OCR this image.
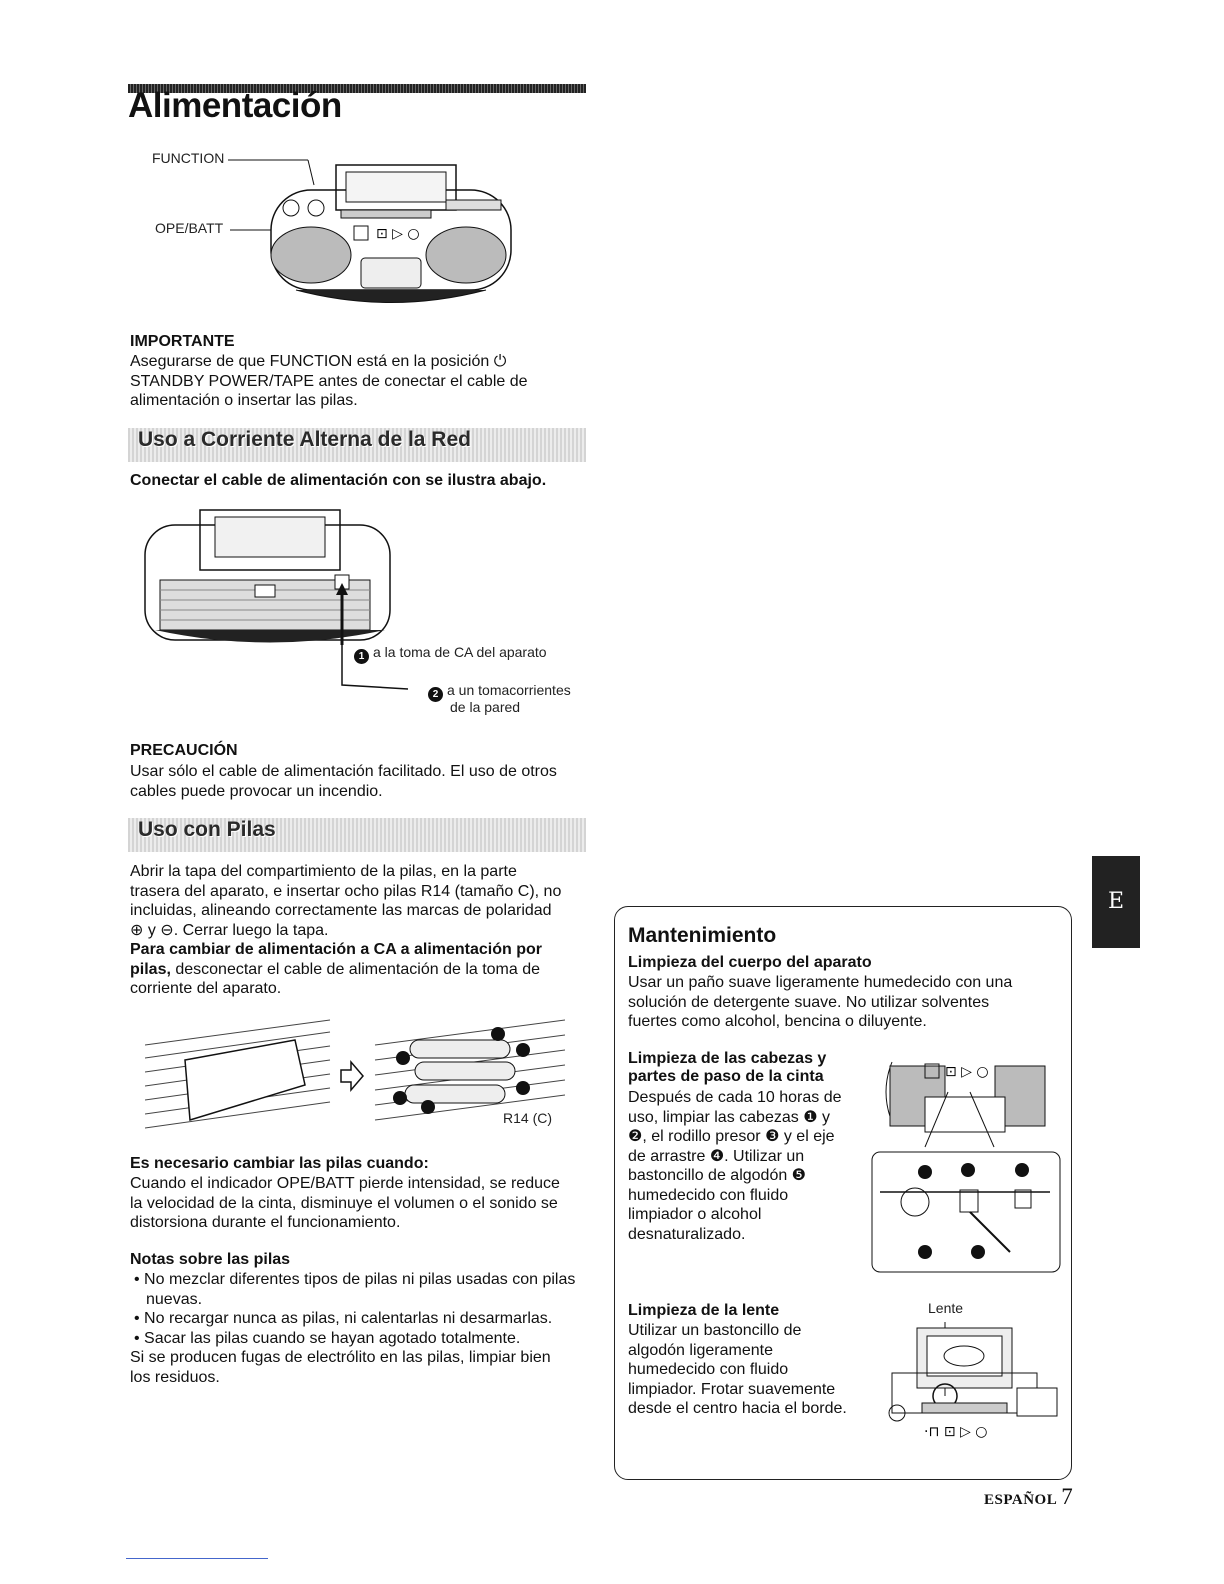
Alimentación
FUNCTION
OPE/BATT	⊡ ▷ ○
IMPORTANTE
Asegurarse de que FUNCTION está en la posición ⏻
STANDBY POWER/TAPE antes de conectar el cable de
alimentación o insertar las pilas.
Uso a Corriente Alterna de la Red
Conectar el cable de alimentación con se ilustra abajo.
1 a la toma de CA del aparato
2 a un tomacorrientes
de la pared
PRECAUCIÓN
Usar sólo el cable de alimentación facilitado. El uso de otros
cables puede provocar un incendio.
Uso con Pilas
Abrir la tapa del compartimiento de la pilas, en la parte
trasera del aparato, e insertar ocho pilas R14 (tamaño C), no
incluidas, alineando correctamente las marcas de polaridad
⊕ y ⊖. Cerrar luego la tapa.
Para cambiar de alimentación a CA a alimentación por
pilas, desconectar el cable de alimentación de la toma de
corriente del aparato.
R14 (C)
Es necesario cambiar las pilas cuando:
Cuando el indicador OPE/BATT pierde intensidad, se reduce
la velocidad de la cinta, disminuye el volumen o el sonido se
distorsiona durante el funcionamiento.
Notas sobre las pilas
• No mezclar diferentes tipos de pilas ni pilas usadas con pilas nuevas.
• No recargar nunca as pilas, ni calentarlas ni desarmarlas.
• Sacar las pilas cuando se hayan agotado totalmente.
Si se producen fugas de electrólito en las pilas, limpiar bien
los residuos.
E
Mantenimiento
Limpieza del cuerpo del aparato
Usar un paño suave ligeramente humedecido con una
solución de detergente suave. No utilizar solventes
fuertes como alcohol, bencina o diluyente.
Limpieza de las cabezas y
partes de paso de la cinta
Después de cada 10 horas de
uso, limpiar las cabezas ❶ y
❷, el rodillo presor ❸ y el eje
de arrastre ❹. Utilizar un
bastoncillo de algodón ❺
humedecido con fluido
limpiador o alcohol
desnaturalizado.
⊡ ▷ ○
Limpieza de la lente
Utilizar un bastoncillo de
algodón ligeramente
humedecido con fluido
limpiador. Frotar suavemente
desde el centro hacia el borde.
Lente
·⊓ ⊡ ▷ ○
ESPAÑOL 7
